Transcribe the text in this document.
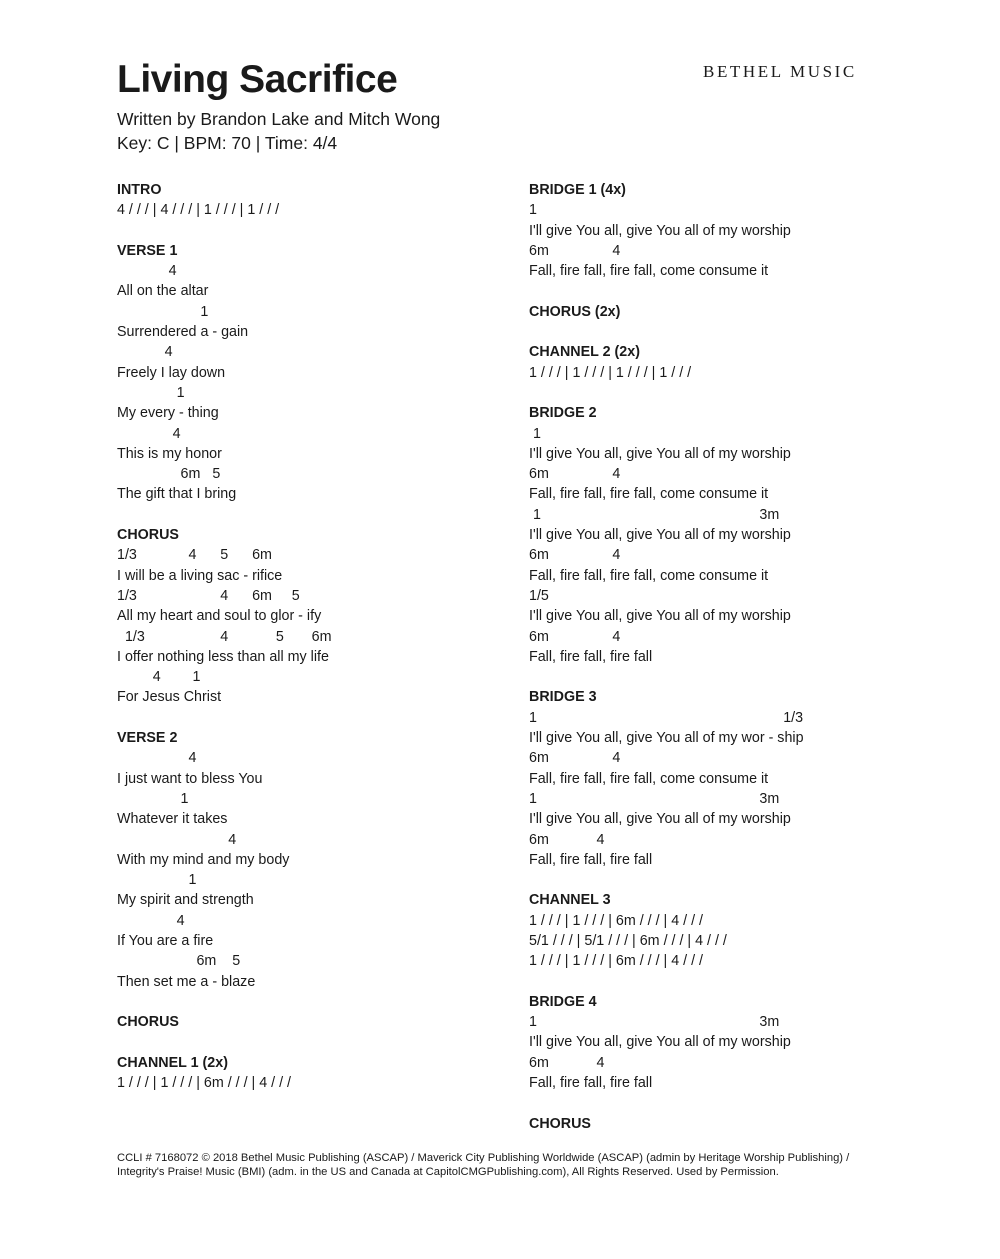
Living Sacrifice	BETHEL MUSIC
Written by Brandon Lake and Mitch Wong
Key: C | BPM: 70 | Time: 4/4
INTRO
4 / / / | 4 / / / | 1 / / / | 1 / / /
VERSE 1
4
All on the altar
1
Surrendered a - gain
4
Freely I lay down
1
My every - thing
4
This is my honor
6m   5
The gift that I bring
CHORUS
1/3             4      5      6m
I will be a living sac - rifice
1/3                     4      6m     5
All my heart and soul to glor - ify
1/3                   4            5       6m
I offer nothing less than all my life
4        1
For Jesus Christ
VERSE 2
4
I just want to bless You
1
Whatever it takes
4
With my mind and my body
1
My spirit and strength
4
If You are a fire
6m    5
Then set me a - blaze
CHORUS
CHANNEL 1 (2x)
1 / / / | 1 / / / | 6m / / / | 4 / / /
BRIDGE 1 (4x)
1
I'll give You all, give You all of my worship
6m                4
Fall, fire fall, fire fall, come consume it
CHORUS (2x)
CHANNEL 2 (2x)
1 / / / | 1 / / / | 1 / / / | 1 / / /
BRIDGE 2
1
I'll give You all, give You all of my worship
6m                4
Fall, fire fall, fire fall, come consume it
1                                                       3m
I'll give You all, give You all of my worship
6m                4
Fall, fire fall, fire fall, come consume it
1/5
I'll give You all, give You all of my worship
6m                4
Fall, fire fall, fire fall
BRIDGE 3
1                                                              1/3
I'll give You all, give You all of my wor - ship
6m                4
Fall, fire fall, fire fall, come consume it
1                                                        3m
I'll give You all, give You all of my worship
6m            4
Fall, fire fall, fire fall
CHANNEL 3
1 / / / | 1 / / / | 6m / / / | 4 / / /
5/1 / / / | 5/1 / / / | 6m / / / | 4 / / /
1 / / / | 1 / / / | 6m / / / | 4 / / /
BRIDGE 4
1                                                        3m
I'll give You all, give You all of my worship
6m            4
Fall, fire fall, fire fall
CHORUS
CCLI # 7168072 © 2018 Bethel Music Publishing (ASCAP) / Maverick City Publishing Worldwide (ASCAP) (admin by Heritage Worship Publishing) /
Integrity's Praise! Music (BMI) (adm. in the US and Canada at CapitolCMGPublishing.com), All Rights Reserved. Used by Permission.
